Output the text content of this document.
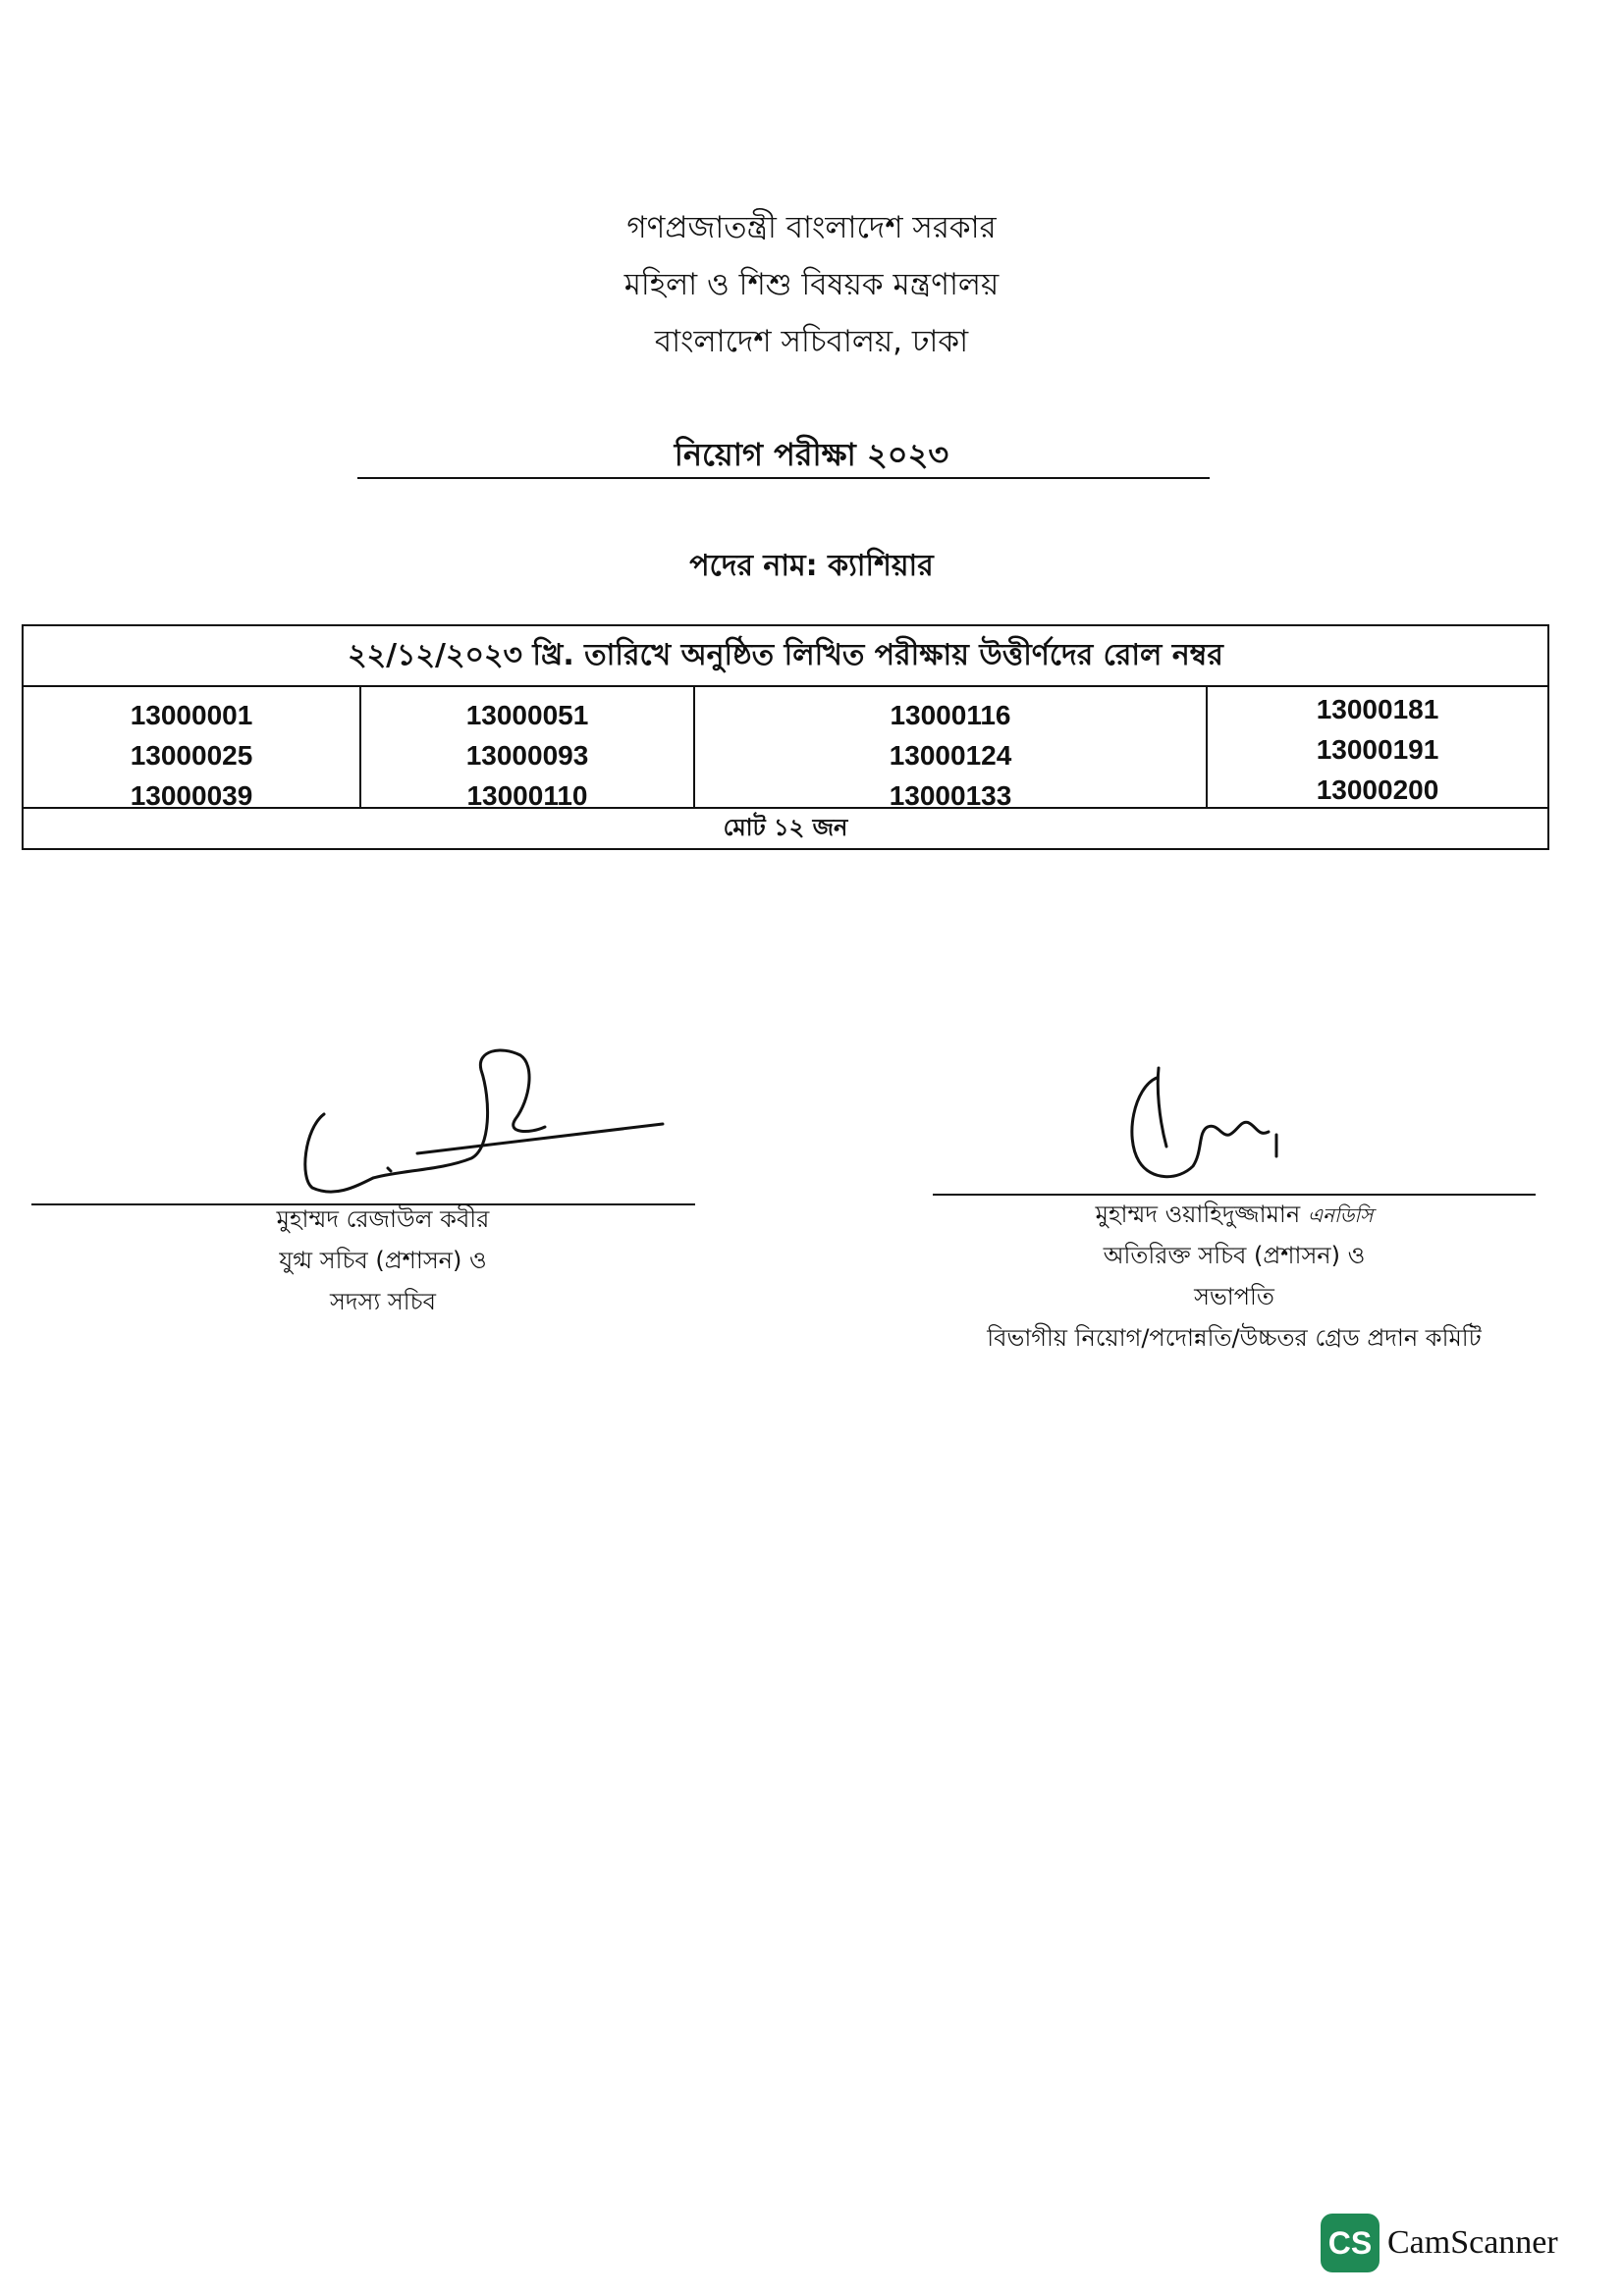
গণপ্রজাতন্ত্রী বাংলাদেশ সরকার
মহিলা ও শিশু বিষয়ক মন্ত্রণালয়
বাংলাদেশ সচিবালয়, ঢাকা
নিয়োগ পরীক্ষা ২০২৩
পদের নাম: ক্যাশিয়ার
২২/১২/২০২৩ খ্রি. তারিখে অনুষ্ঠিত লিখিত পরীক্ষায় উত্তীর্ণদের রোল নম্বর
13000001
13000025
13000039
13000051
13000093
13000110
13000116
13000124
13000133
13000181
13000191
13000200
মোট ১২ জন
মুহাম্মদ রেজাউল কবীর
যুগ্ম সচিব (প্রশাসন) ও
সদস্য সচিব
মুহাম্মদ ওয়াহিদুজ্জামান এনডিসি
অতিরিক্ত সচিব (প্রশাসন) ও
সভাপতি
বিভাগীয় নিয়োগ/পদোন্নতি/উচ্চতর গ্রেড প্রদান কমিটি
CS CamScanner
